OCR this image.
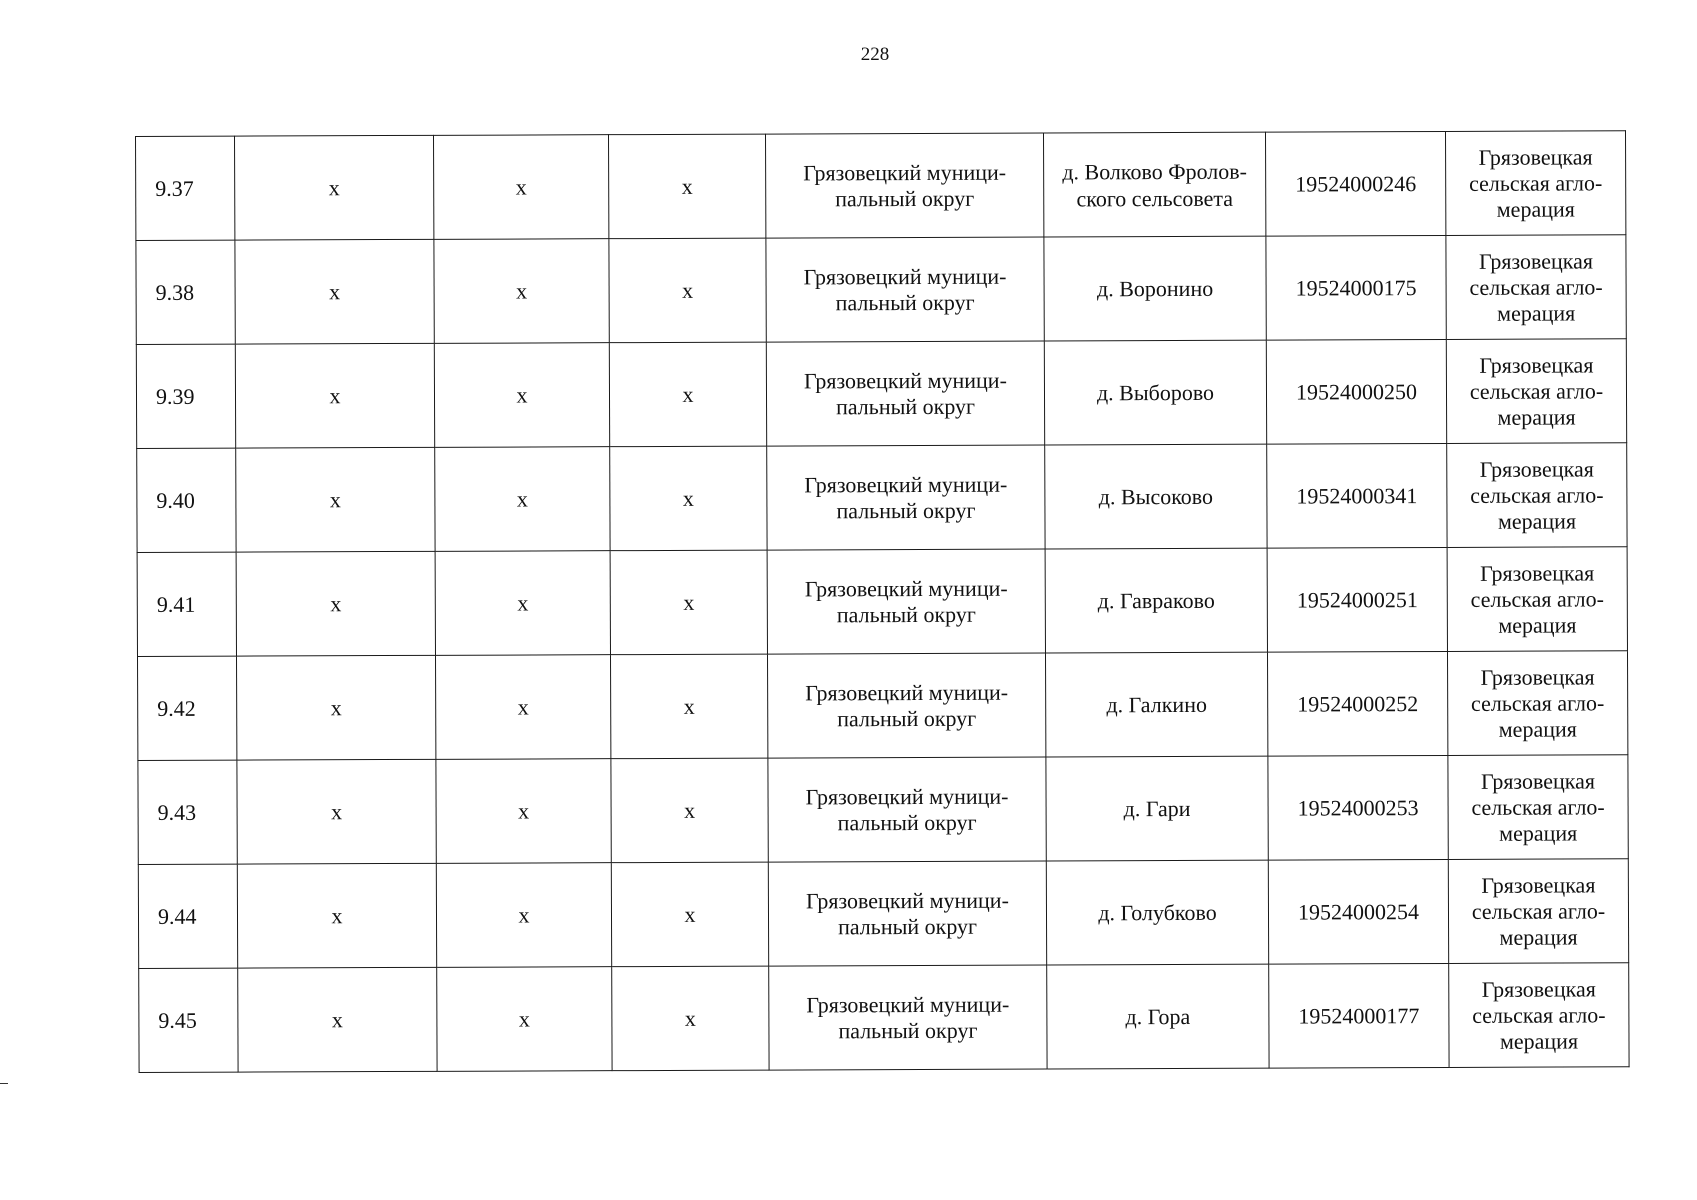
228
9.37	х	х	х	Грязовецкий муници-
пальный округ	д. Волково Фролов-
ского сельсовета	19524000246	Грязовецкая
сельская агло-
мерация

9.38	х	х	х	Грязовецкий муници-
пальный округ	д. Воронино	19524000175	Грязовецкая
сельская агло-
мерация

9.39	х	х	х	Грязовецкий муници-
пальный округ	д. Выборово	19524000250	Грязовецкая
сельская агло-
мерация

9.40	х	х	х	Грязовецкий муници-
пальный округ	д. Высоково	19524000341	Грязовецкая
сельская агло-
мерация

9.41	х	х	х	Грязовецкий муници-
пальный округ	д. Гавраково	19524000251	Грязовецкая
сельская агло-
мерация

9.42	х	х	х	Грязовецкий муници-
пальный округ	д. Галкино	19524000252	Грязовецкая
сельская агло-
мерация

9.43	х	х	х	Грязовецкий муници-
пальный округ	д. Гари	19524000253	Грязовецкая
сельская агло-
мерация

9.44	х	х	х	Грязовецкий муници-
пальный округ	д. Голубково	19524000254	Грязовецкая
сельская агло-
мерация

9.45	х	х	х	Грязовецкий муници-
пальный округ	д. Гора	19524000177	Грязовецкая
сельская агло-
мерация
